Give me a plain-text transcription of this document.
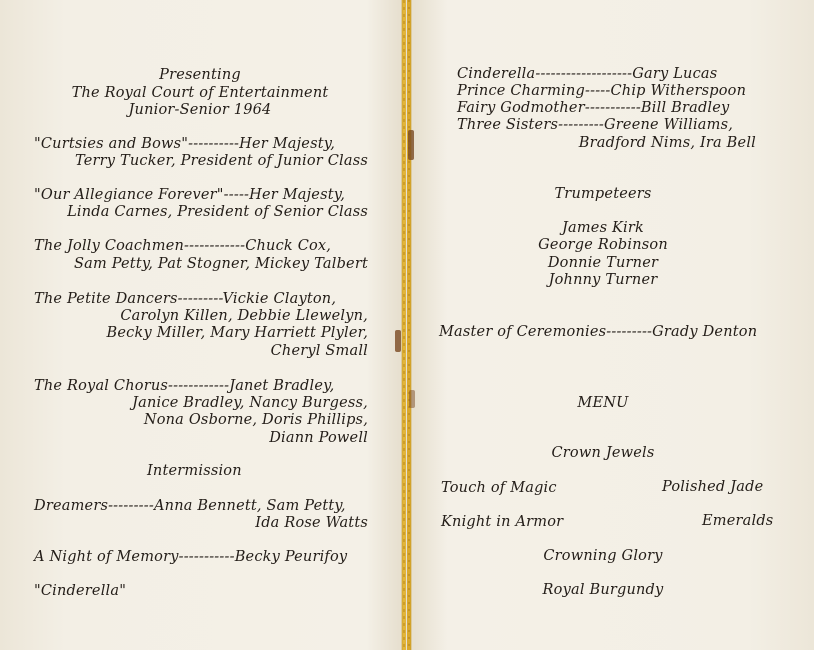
Presenting
The Royal Court of Entertainment
Junior-Senior 1964
"Curtsies and Bows"----------Her Majesty,
Terry Tucker, President of Junior Class
"Our Allegiance Forever"-----Her Majesty,
Linda Carnes, President of Senior Class
The Jolly Coachmen------------Chuck Cox,
Sam Petty, Pat Stogner, Mickey Talbert
The Petite Dancers---------Vickie Clayton,
Carolyn Killen, Debbie Llewelyn,
Becky Miller, Mary Harriett Plyler,
Cheryl Small
The Royal Chorus------------Janet Bradley,
Janice Bradley, Nancy Burgess,
Nona Osborne, Doris Phillips,
Diann Powell
Intermission
Dreamers---------Anna Bennett, Sam Petty,
Ida Rose Watts
A Night of Memory-----------Becky Peurifoy
"Cinderella"
Cinderella-------------------Gary Lucas
Prince Charming-----Chip Witherspoon
Fairy Godmother-----------Bill Bradley
Three Sisters---------Greene Williams,
Bradford Nims, Ira Bell
Trumpeteers
James Kirk
George Robinson
Donnie Turner
Johnny Turner
Master of Ceremonies---------Grady Denton
MENU
Crown Jewels
Touch of Magic	Polished Jade
Knight in Armor	Emeralds
Crowning Glory
Royal Burgundy
